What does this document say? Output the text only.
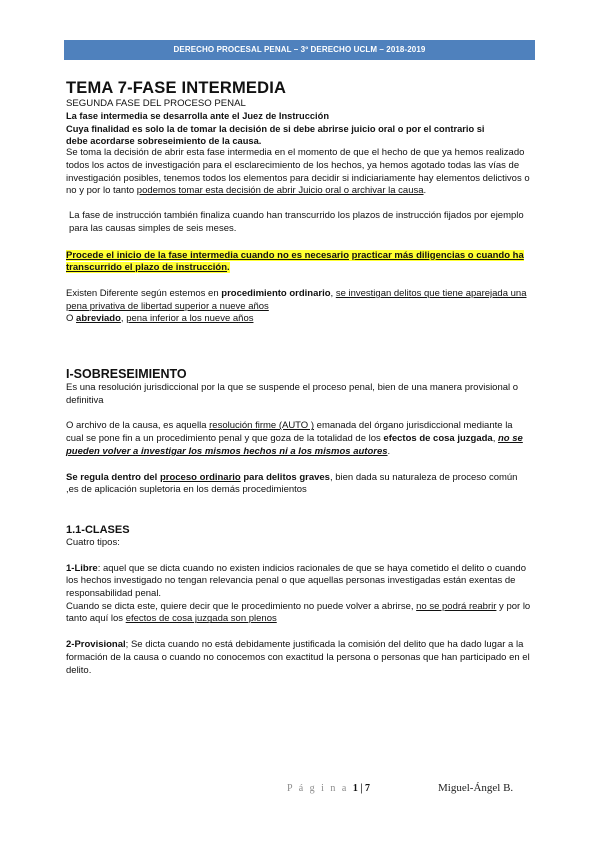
DERECHO PROCESAL PENAL – 3º DERECHO UCLM – 2018-2019

TEMA 7-FASE INTERMEDIA

SEGUNDA FASE DEL PROCESO PENAL

La fase intermedia se desarrolla ante el Juez de Instrucción

Cuya finalidad es solo la de tomar la decisión de si debe abrirse juicio oral o por el contrario si

debe acordarse sobreseimiento de la causa.

Se toma la decisión de abrir esta fase intermedia en el momento de que el hecho de que ya hemos realizado todos los actos de investigación para el esclarecimiento de los hechos, ya hemos agotado todas las vías de investigación posibles, tenemos todos los elementos para decidir si indiciariamente hay elementos delictivos o no y por lo tanto podemos tomar esta decisión de abrir Juicio oral o archivar la causa.

La fase de instrucción también finaliza cuando han transcurrido los plazos de instrucción fijados por ejemplo para las causas simples de seis meses.

Procede el inicio de la fase intermedia cuando no es necesario practicar más diligencias o cuando ha transcurrido el plazo de instrucción.

Existen Diferente según estemos en procedimiento ordinario, se investigan delitos que tiene aparejada una pena privativa de libertad superior a nueve años
O abreviado, pena inferior a los nueve años

I-SOBRESEIMIENTO

Es una resolución jurisdiccional por la que se suspende el proceso penal, bien de una manera provisional o definitiva

O archivo de la causa, es aquella resolución firme (AUTO ) emanada del órgano jurisdiccional mediante la cual se pone fin a un procedimiento penal y que goza de la totalidad de los efectos de cosa juzgada, no se pueden volver a investigar los mismos hechos ni a los mismos autores.

Se regula dentro del proceso ordinario para delitos graves, bien dada su naturaleza de proceso común ,es de aplicación supletoria en los demás procedimientos

1.1-CLASES

Cuatro tipos:

1-Libre: aquel que se dicta cuando no existen indicios racionales de que se haya cometido el delito o cuando los hechos investigado no tengan relevancia penal o que aquellas personas investigadas están exentas de responsabilidad penal.
Cuando se dicta este, quiere decir que le procedimiento no puede volver a abrirse, no se podrá reabrir y por lo tanto aquí los efectos de cosa juzgada son plenos

2-Provisional; Se dicta cuando no está debidamente justificada la comisión del delito que ha dado lugar a la formación de la causa o cuando no conocemos con exactitud la persona o personas que han participado en el delito.

P á g i n a 1 | 7	Miguel-Ángel B.
